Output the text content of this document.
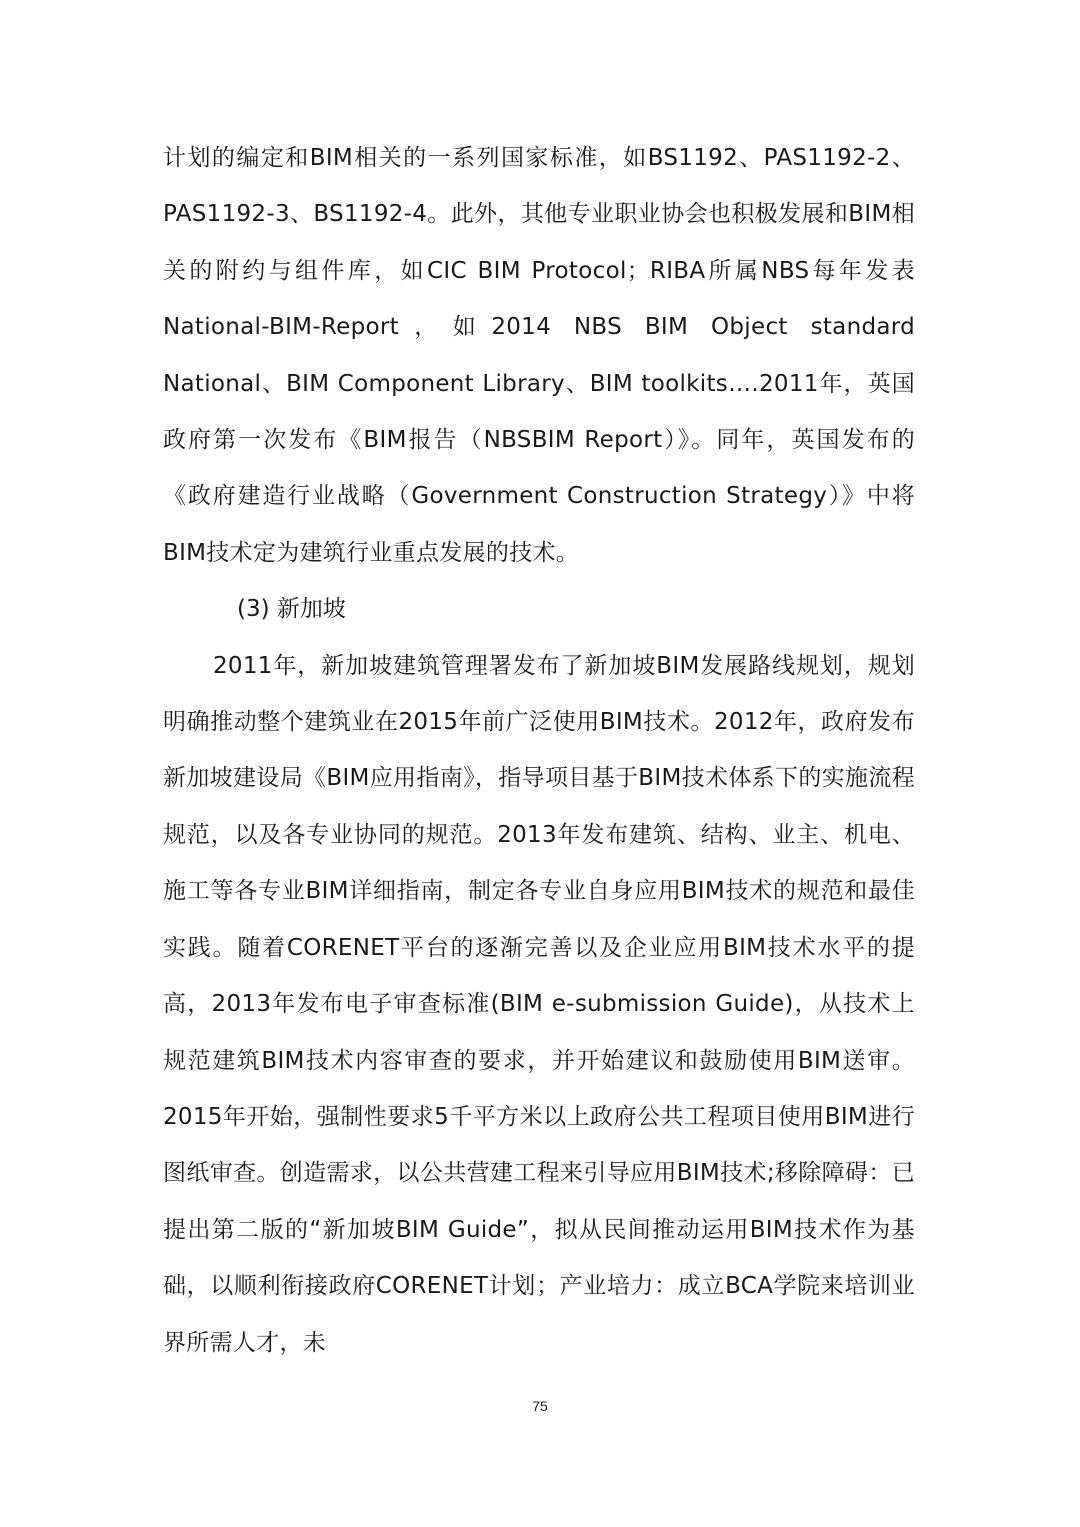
计划的编定和BIM相关的一系列国家标准，如BS1192、PAS1192-2、PAS1192-3、BS1192-4。此外，其他专业职业协会也积极发展和BIM相关的附约与组件库，如CIC BIM Protocol；RIBA所属NBS每年发表National-BIM-Report，如2014 NBS BIM Object standard National、BIM Component Library、BIM toolkits….2011年，英国政府第一次发布《BIM报告（NBSBIM Report）》。同年，英国发布的《政府建造行业战略（Government Construction Strategy）》中将BIM技术定为建筑行业重点发展的技术。

(3) 新加坡

2011年，新加坡建筑管理署发布了新加坡BIM发展路线规划，规划明确推动整个建筑业在2015年前广泛使用BIM技术。2012年，政府发布新加坡建设局《BIM应用指南》，指导项目基于BIM技术体系下的实施流程规范，以及各专业协同的规范。2013年发布建筑、结构、业主、机电、施工等各专业BIM详细指南，制定各专业自身应用BIM技术的规范和最佳实践。随着CORENET平台的逐渐完善以及企业应用BIM技术水平的提高，2013年发布电子审查标准(BIM e-submission Guide)，从技术上规范建筑BIM技术内容审查的要求，并开始建议和鼓励使用BIM送审。2015年开始，强制性要求5千平方米以上政府公共工程项目使用BIM进行图纸审查。创造需求，以公共营建工程来引导应用BIM技术;移除障碍：已提出第二版的“新加坡BIM Guide”，拟从民间推动运用BIM技术作为基础，以顺利衔接政府CORENET计划；产业培力：成立BCA学院来培训业界所需人才，未

75
